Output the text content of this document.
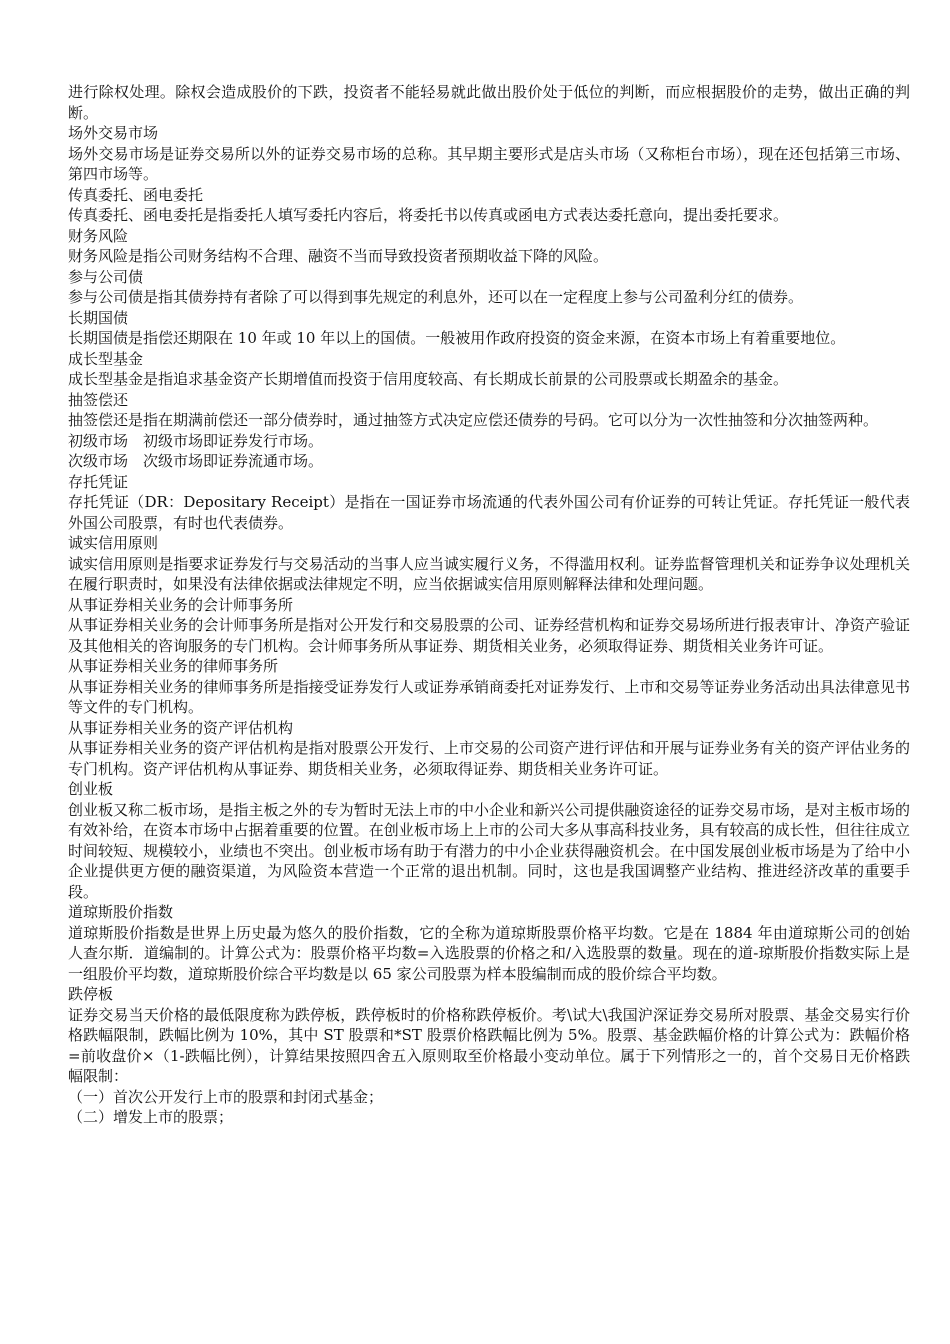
进行除权处理。除权会造成股价的下跌，投资者不能轻易就此做出股价处于低位的判断，而应根据股价的走势，做出正确的判断。

场外交易市场

场外交易市场是证券交易所以外的证券交易市场的总称。其早期主要形式是店头市场（又称柜台市场），现在还包括第三市场、第四市场等。

传真委托、函电委托

传真委托、函电委托是指委托人填写委托内容后，将委托书以传真或函电方式表达委托意向，提出委托要求。

财务风险

财务风险是指公司财务结构不合理、融资不当而导致投资者预期收益下降的风险。

参与公司债

参与公司债是指其债券持有者除了可以得到事先规定的利息外，还可以在一定程度上参与公司盈利分红的债券。

长期国债

长期国债是指偿还期限在 10 年或 10 年以上的国债。一般被用作政府投资的资金来源，在资本市场上有着重要地位。

成长型基金

成长型基金是指追求基金资产长期增值而投资于信用度较高、有长期成长前景的公司股票或长期盈余的基金。

抽签偿还

抽签偿还是指在期满前偿还一部分债券时，通过抽签方式决定应偿还债券的号码。它可以分为一次性抽签和分次抽签两种。

初级市场　初级市场即证券发行市场。

次级市场　次级市场即证券流通市场。

存托凭证

存托凭证（DR：Depositary Receipt）是指在一国证券市场流通的代表外国公司有价证券的可转让凭证。存托凭证一般代表外国公司股票，有时也代表债券。

诚实信用原则

诚实信用原则是指要求证券发行与交易活动的当事人应当诚实履行义务，不得滥用权利。证券监督管理机关和证券争议处理机关在履行职责时，如果没有法律依据或法律规定不明，应当依据诚实信用原则解释法律和处理问题。

从事证券相关业务的会计师事务所

从事证券相关业务的会计师事务所是指对公开发行和交易股票的公司、证券经营机构和证券交易场所进行报表审计、净资产验证及其他相关的咨询服务的专门机构。会计师事务所从事证券、期货相关业务，必须取得证券、期货相关业务许可证。

从事证券相关业务的律师事务所

从事证券相关业务的律师事务所是指接受证券发行人或证券承销商委托对证券发行、上市和交易等证券业务活动出具法律意见书等文件的专门机构。

从事证券相关业务的资产评估机构

从事证券相关业务的资产评估机构是指对股票公开发行、上市交易的公司资产进行评估和开展与证券业务有关的资产评估业务的专门机构。资产评估机构从事证券、期货相关业务，必须取得证券、期货相关业务许可证。

创业板

创业板又称二板市场，是指主板之外的专为暂时无法上市的中小企业和新兴公司提供融资途径的证券交易市场，是对主板市场的有效补给，在资本市场中占据着重要的位置。在创业板市场上上市的公司大多从事高科技业务，具有较高的成长性，但往往成立时间较短、规模较小，业绩也不突出。创业板市场有助于有潜力的中小企业获得融资机会。在中国发展创业板市场是为了给中小企业提供更方便的融资渠道，为风险资本营造一个正常的退出机制。同时，这也是我国调整产业结构、推进经济改革的重要手段。

道琼斯股价指数

道琼斯股价指数是世界上历史最为悠久的股价指数，它的全称为道琼斯股票价格平均数。它是在 1884 年由道琼斯公司的创始人查尔斯．道编制的。计算公式为：股票价格平均数=入选股票的价格之和/入选股票的数量。现在的道-琼斯股价指数实际上是一组股价平均数，道琼斯股价综合平均数是以 65 家公司股票为样本股编制而成的股价综合平均数。

跌停板

证券交易当天价格的最低限度称为跌停板，跌停板时的价格称跌停板价。考\试大\我国沪深证券交易所对股票、基金交易实行价格跌幅限制，跌幅比例为 10%，其中 ST 股票和*ST 股票价格跌幅比例为 5%。股票、基金跌幅价格的计算公式为：跌幅价格=前收盘价×（1-跌幅比例），计算结果按照四舍五入原则取至价格最小变动单位。属于下列情形之一的，首个交易日无价格跌幅限制：

（一）首次公开发行上市的股票和封闭式基金；

（二）增发上市的股票；
